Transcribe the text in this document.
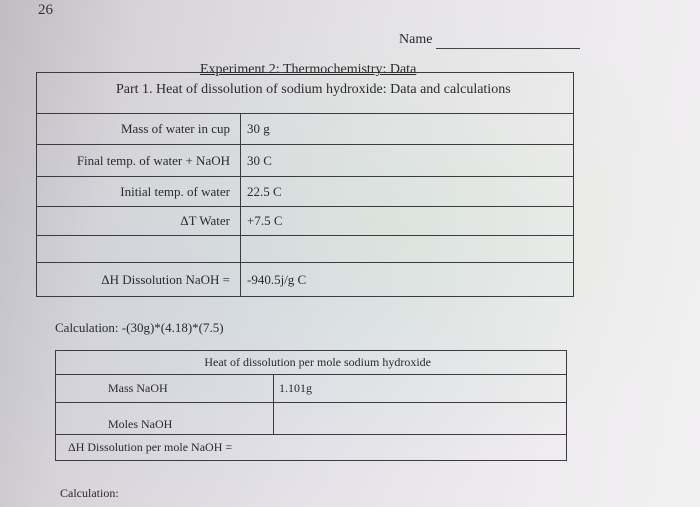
26
Name

Mass of water in cup	30 g
Final temp. of water + NaOH	30 C
Initial temp. of water	22.5 C
ΔT Water	+7.5 C

ΔH Dissolution NaOH =	-940.5j/g C
Experiment 2: Thermochemistry: Data
Part 1. Heat of dissolution of sodium hydroxide: Data and calculations
Calculation: -(30g)*(4.18)*(7.5)
Heat of dissolution per mole sodium hydroxide	
Mass NaOH	1.101g
Moles NaOH	
ΔH Dissolution per mole NaOH =	
Calculation:
